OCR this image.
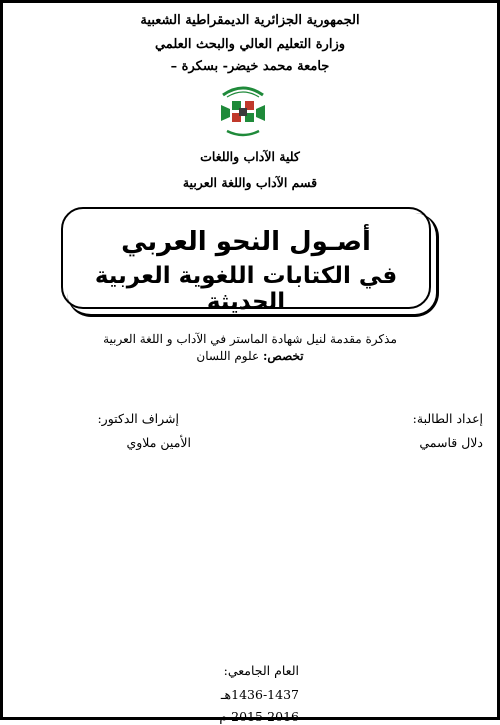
الجمهورية الجزائرية الديمقراطية الشعبية
وزارة التعليم العالي والبحث العلمي
جامعة محمد خيضر- بسكرة –
كلية الآداب واللغات
قسم الآداب واللغة العربية
أصـول النحو العربي
في الكتابات اللغوية العربية الحديثة
مذكرة مقدمة لنيل شهادة الماستر في الآداب و اللغة العربية
تخصص: علوم اللسان
إعداد الطالبة:
دلال قاسمي
إشراف الدكتور:
الأمين ملاوي
العام الجامعي:
1436-1437هـ
2015-2016 م
